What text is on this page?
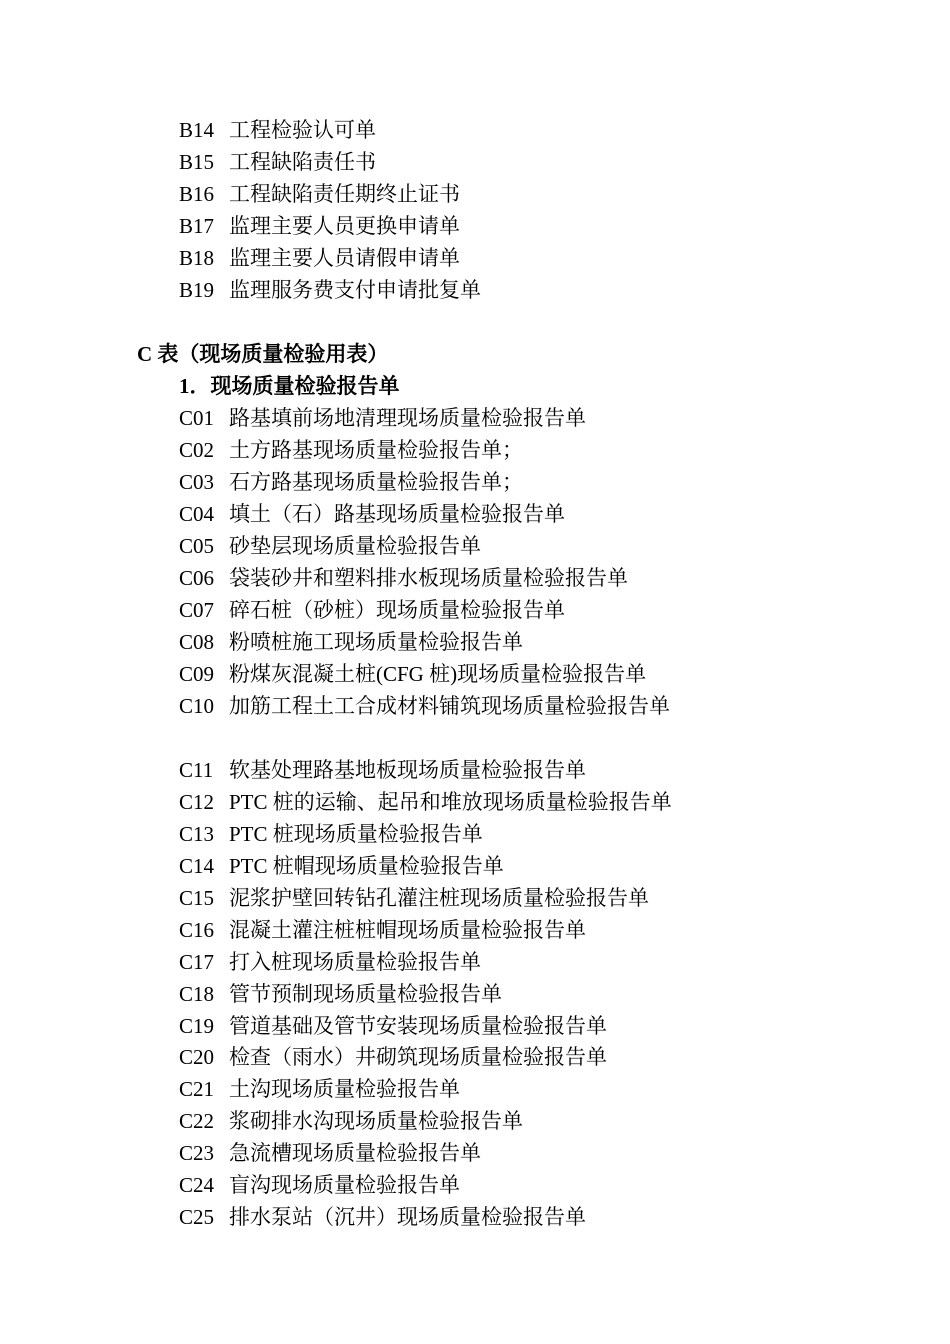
B14 工程检验认可单
B15 工程缺陷责任书
B16 工程缺陷责任期终止证书
B17 监理主要人员更换申请单
B18 监理主要人员请假申请单
B19 监理服务费支付申请批复单
C 表（现场质量检验用表）
1．现场质量检验报告单
C01 路基填前场地清理现场质量检验报告单
C02 土方路基现场质量检验报告单；
C03 石方路基现场质量检验报告单；
C04 填土（石）路基现场质量检验报告单
C05 砂垫层现场质量检验报告单
C06 袋装砂井和塑料排水板现场质量检验报告单
C07 碎石桩（砂桩）现场质量检验报告单
C08 粉喷桩施工现场质量检验报告单
C09 粉煤灰混凝土桩(CFG 桩)现场质量检验报告单
C10 加筋工程土工合成材料铺筑现场质量检验报告单
C11 软基处理路基地板现场质量检验报告单
C12 PTC 桩的运输、起吊和堆放现场质量检验报告单
C13 PTC 桩现场质量检验报告单
C14 PTC 桩帽现场质量检验报告单
C15 泥浆护壁回转钻孔灌注桩现场质量检验报告单
C16 混凝土灌注桩桩帽现场质量检验报告单
C17 打入桩现场质量检验报告单
C18 管节预制现场质量检验报告单
C19 管道基础及管节安装现场质量检验报告单
C20 检查（雨水）井砌筑现场质量检验报告单
C21 土沟现场质量检验报告单
C22 浆砌排水沟现场质量检验报告单
C23 急流槽现场质量检验报告单
C24 盲沟现场质量检验报告单
C25 排水泵站（沉井）现场质量检验报告单
